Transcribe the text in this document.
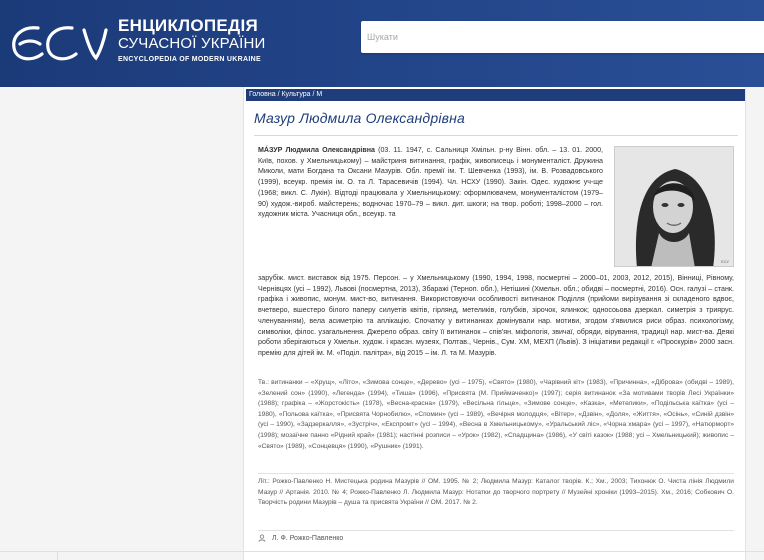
ЕНЦИКЛОПЕДІЯ
СУЧАСНОЇ УКРАЇНИ
ENCYCLOPEDIA OF MODERN UKRAINE
Шукати
Головна / Культура / М
Мазур Людмила Олександрівна
ЕСУ
МÁЗУР Людмила Олександрівна (03. 11. 1947, с. Сальниця Хмільн. р-ну Вінн. обл. – 13. 01. 2000, Київ, похов. у Хмельницькому) – майстриня витинання, графік, живописець і монументаліст. Дружина Миколи, мати Богдана та Оксани Мазурів. Обл. премії ім. Т. Шевченка (1993), ім. В. Розвадовського (1999), всеукр. премія ім. О. та Л. Тарасевичів (1994). Чл. НСХУ (1990). Закін. Одес. художнє уч-ще (1968; викл. С. Лукін). Відтоді працювала у Хмельницькому: оформлювачем, монументалістом (1979–90) худож.-вироб. майстерень; водночас 1970–79 – викл. дит. шкоги; на твор. роботі; 1998–2000 – гол. художник міста. Учасниця обл., всеукр. та
зарубіж. мист. виставок від 1975. Персон. – у Хмельницькому (1990, 1994, 1998, посмертні – 2000–01, 2003, 2012, 2015), Вінниці, Рівному, Чернівцях (усі – 1992), Львові (посмертна, 2013), Збаражі (Терноп. обл.), Нетішині (Хмельн. обл.; обидві – посмертні, 2016). Осн. галузі – станк. графіка і живопис, монум. мист-во, витинання. Використовуючи особливості витинанок Поділля (прийоми вирізування зі складеного вдвоє, вчетверо, вшестеро білого паперу силуетів квітів, гірлянд, метеликів, голубків, зірочок, ялинкок; односоьова дзеркал. симетрія з триярус. членуванням), вела асиметрію та аплікацію. Спочатку у витинанках домінували нар. мотиви, згодом з'явилися риси образ. психологізму, символіки, філос. узагальнення. Джерело образ. світу її витинанок – спів'ян. міфологія, звичаї, обряди, вірування, традиції нар. мист-ва. Деякі роботи зберігаються у Хмельн. худож. і краєзн. музеях, Полтав., Чернів., Сум. ХМ, МЕХП (Львів). З ініціативи редакції г. «Проскурів» 2000 засн. премію для дітей ім. М. «Поділ. палітра», від 2015 – ім. Л. та М. Мазурів.
Тв.: витинанки – «Хрущ», «Літо», «Зимова сонце», «Дерево» (усі – 1975), «Свято» (1980), «Чарівний кіт» (1983), «Причинна», «Діброва» (обидві – 1989), «Зелений сон» (1990), «Легенда» (1994), «Тиша» (1996), «Присвята (М. Приймаченко)» (1997); серія витинанок «За мотивами творів Лесі Українки» (1988); графіка – «Жорстокість» (1978), «Весна-красна» (1979), «Весільна гільце», «Зимове сонце», «Казка», «Метелики», «Подільська каїтка» (усі – 1980), «Польова каїтка», «Присвята Чорнобилю», «Спомин» (усі – 1989), «Вечірня молодця», «Вітер», «Дзвін», «Доля», «Життя», «Осінь», «Синій дзвін» (усі – 1990), «Задзеркалля», «Зустріч», «Експромт» (усі – 1994), «Весна в Хмельницькому», «Уральський ліс», «Чорна хмара» (усі – 1997), «Натюрморт» (1998); мозаїчне панно «Рідний край» (1981); настінні розписи – «Урок» (1982), «Спадщина» (1986), «У світі казок» (1988; усі – Хмельницький); живопис – «Свято» (1989), «Сонцевця» (1990), «Рушник» (1991).
Літ.: Рожко-Павленко Н. Мистецька родина Мазурів // ОМ. 1995. № 2; Людмила Мазур: Каталог творів. К.; Хм., 2003; Тихонюк О. Чиста лінія Людмили Мазур // Артанія. 2010. № 4; Рожко-Павленко Л. Людмила Мазур: Нотатки до творчого портрету // Музейні хроніки (1993–2015). Хм., 2016; Собкович О. Творчість родини Мазурів – душа та присвята України // ОМ. 2017. № 2.
Л. Ф. Рожко-Павленко
